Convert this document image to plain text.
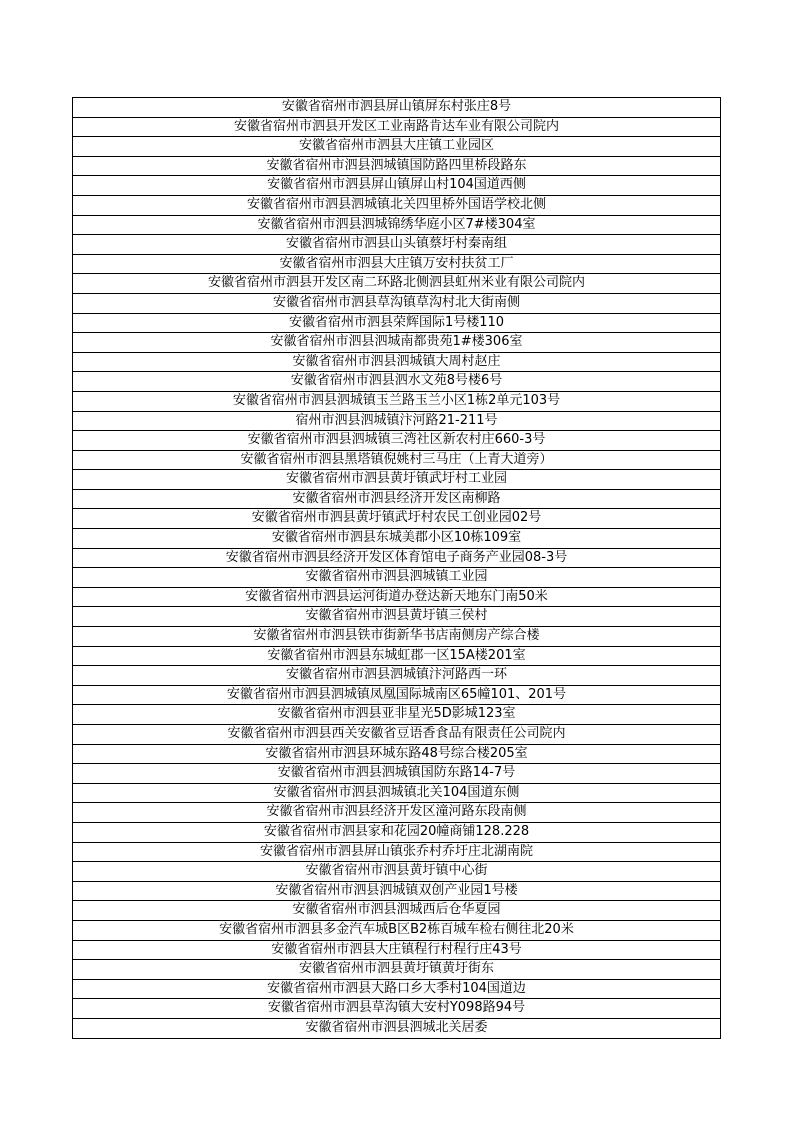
安徽省宿州市泗县屏山镇屏东村张庄8号
安徽省宿州市泗县开发区工业南路肯达车业有限公司院内
安徽省宿州市泗县大庄镇工业园区
安徽省宿州市泗县泗城镇国防路四里桥段路东
安徽省宿州市泗县屏山镇屏山村104国道西侧
安徽省宿州市泗县泗城镇北关四里桥外国语学校北侧
安徽省宿州市泗县泗城锦绣华庭小区7#楼304室
安徽省宿州市泗县山头镇蔡圩村秦南组
安徽省宿州市泗县大庄镇万安村扶贫工厂
安徽省宿州市泗县开发区南二环路北侧泗县虹州米业有限公司院内
安徽省宿州市泗县草沟镇草沟村北大街南侧
安徽省宿州市泗县荣辉国际1号楼110
安徽省宿州市泗县泗城南都贵苑1#楼306室
安徽省宿州市泗县泗城镇大周村赵庄
安徽省宿州市泗县泗水文苑8号楼6号
安徽省宿州市泗县泗城镇玉兰路玉兰小区1栋2单元103号
宿州市泗县泗城镇汴河路21-211号
安徽省宿州市泗县泗城镇三湾社区新农村庄660-3号
安徽省宿州市泗县黑塔镇倪姚村三马庄（上青大道旁）
安徽省宿州市泗县黄圩镇武圩村工业园
安徽省宿州市泗县经济开发区南柳路
安徽省宿州市泗县黄圩镇武圩村农民工创业园02号
安徽省宿州市泗县东城美郡小区10栋109室
安徽省宿州市泗县经济开发区体育馆电子商务产业园08-3号
安徽省宿州市泗县泗城镇工业园
安徽省宿州市泗县运河街道办登达新天地东门南50米
安徽省宿州市泗县黄圩镇三侯村
安徽省宿州市泗县铁市街新华书店南侧房产综合楼
安徽省宿州市泗县东城虹郡一区15A楼201室
安徽省宿州市泗县泗城镇汴河路西一环
安徽省宿州市泗县泗城镇凤凰国际城南区65幢101、201号
安徽省宿州市泗县亚非星光5D影城123室
安徽省宿州市泗县西关安徽省豆语香食品有限责任公司院内
安徽省宿州市泗县环城东路48号综合楼205室
安徽省宿州市泗县泗城镇国防东路14-7号
安徽省宿州市泗县泗城镇北关104国道东侧
安徽省宿州市泗县经济开发区潼河路东段南侧
安徽省宿州市泗县家和花园20幢商铺128.228
安徽省宿州市泗县屏山镇张乔村乔圩庄北湖南院
安徽省宿州市泗县黄圩镇中心街
安徽省宿州市泗县泗城镇双创产业园1号楼
安徽省宿州市泗县泗城西后仓华夏园
安徽省宿州市泗县多金汽车城B区B2栋百城车检右侧往北20米
安徽省宿州市泗县大庄镇程行村程行庄43号
安徽省宿州市泗县黄圩镇黄圩街东
安徽省宿州市泗县大路口乡大季村104国道边
安徽省宿州市泗县草沟镇大安村Y098路94号
安徽省宿州市泗县泗城北关居委
